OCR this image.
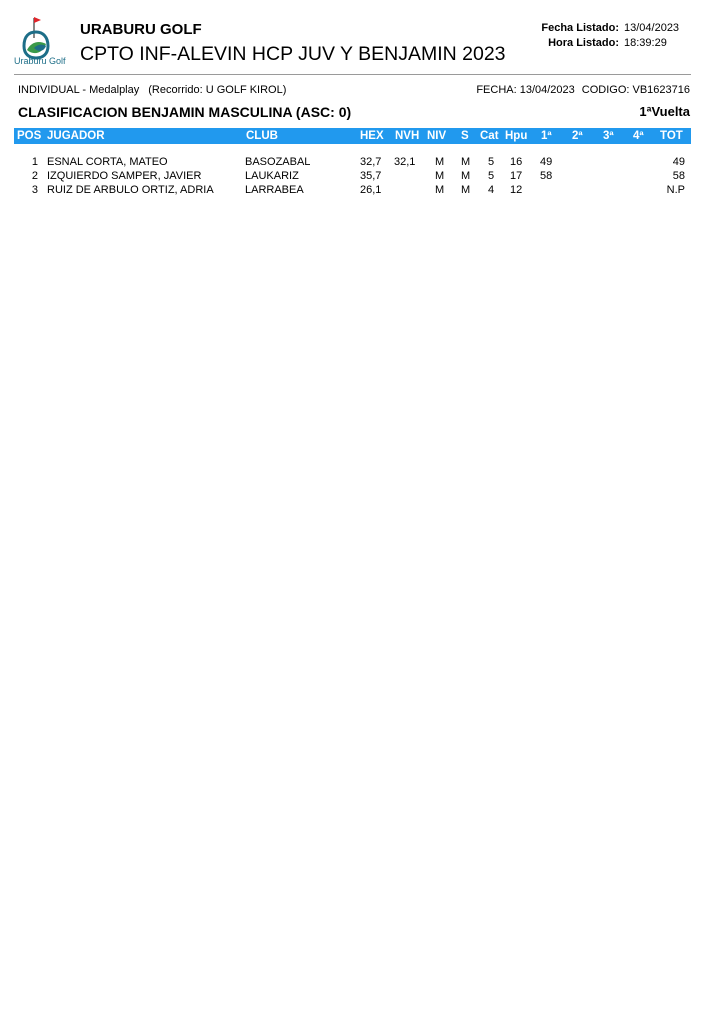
Uraburu Golf
URABURU GOLF
CPTO INF-ALEVIN HCP JUV Y BENJAMIN 2023
Fecha Listado: 13/04/2023
Hora Listado: 18:39:29
INDIVIDUAL - Medalplay (Recorrido: U GOLF KIROL)	FECHA: 13/04/2023 CODIGO: VB1623716
CLASIFICACION BENJAMIN MASCULINA (ASC: 0)	1ªVuelta
POS JUGADOR	CLUB	HEX NVH NIV S Cat Hpu 1ª 2ª 3ª 4ª TOT
1 ESNAL CORTA, MATEO	BASOZABAL	32,7 32,1 M M 5 16 49	49
2 IZQUIERDO SAMPER, JAVIER	LAUKARIZ	35,7	M M 5 17 58	58
3 RUIZ DE ARBULO ORTIZ, ADRIA	LARRABEA	26,1	M M 4 12	N.P
